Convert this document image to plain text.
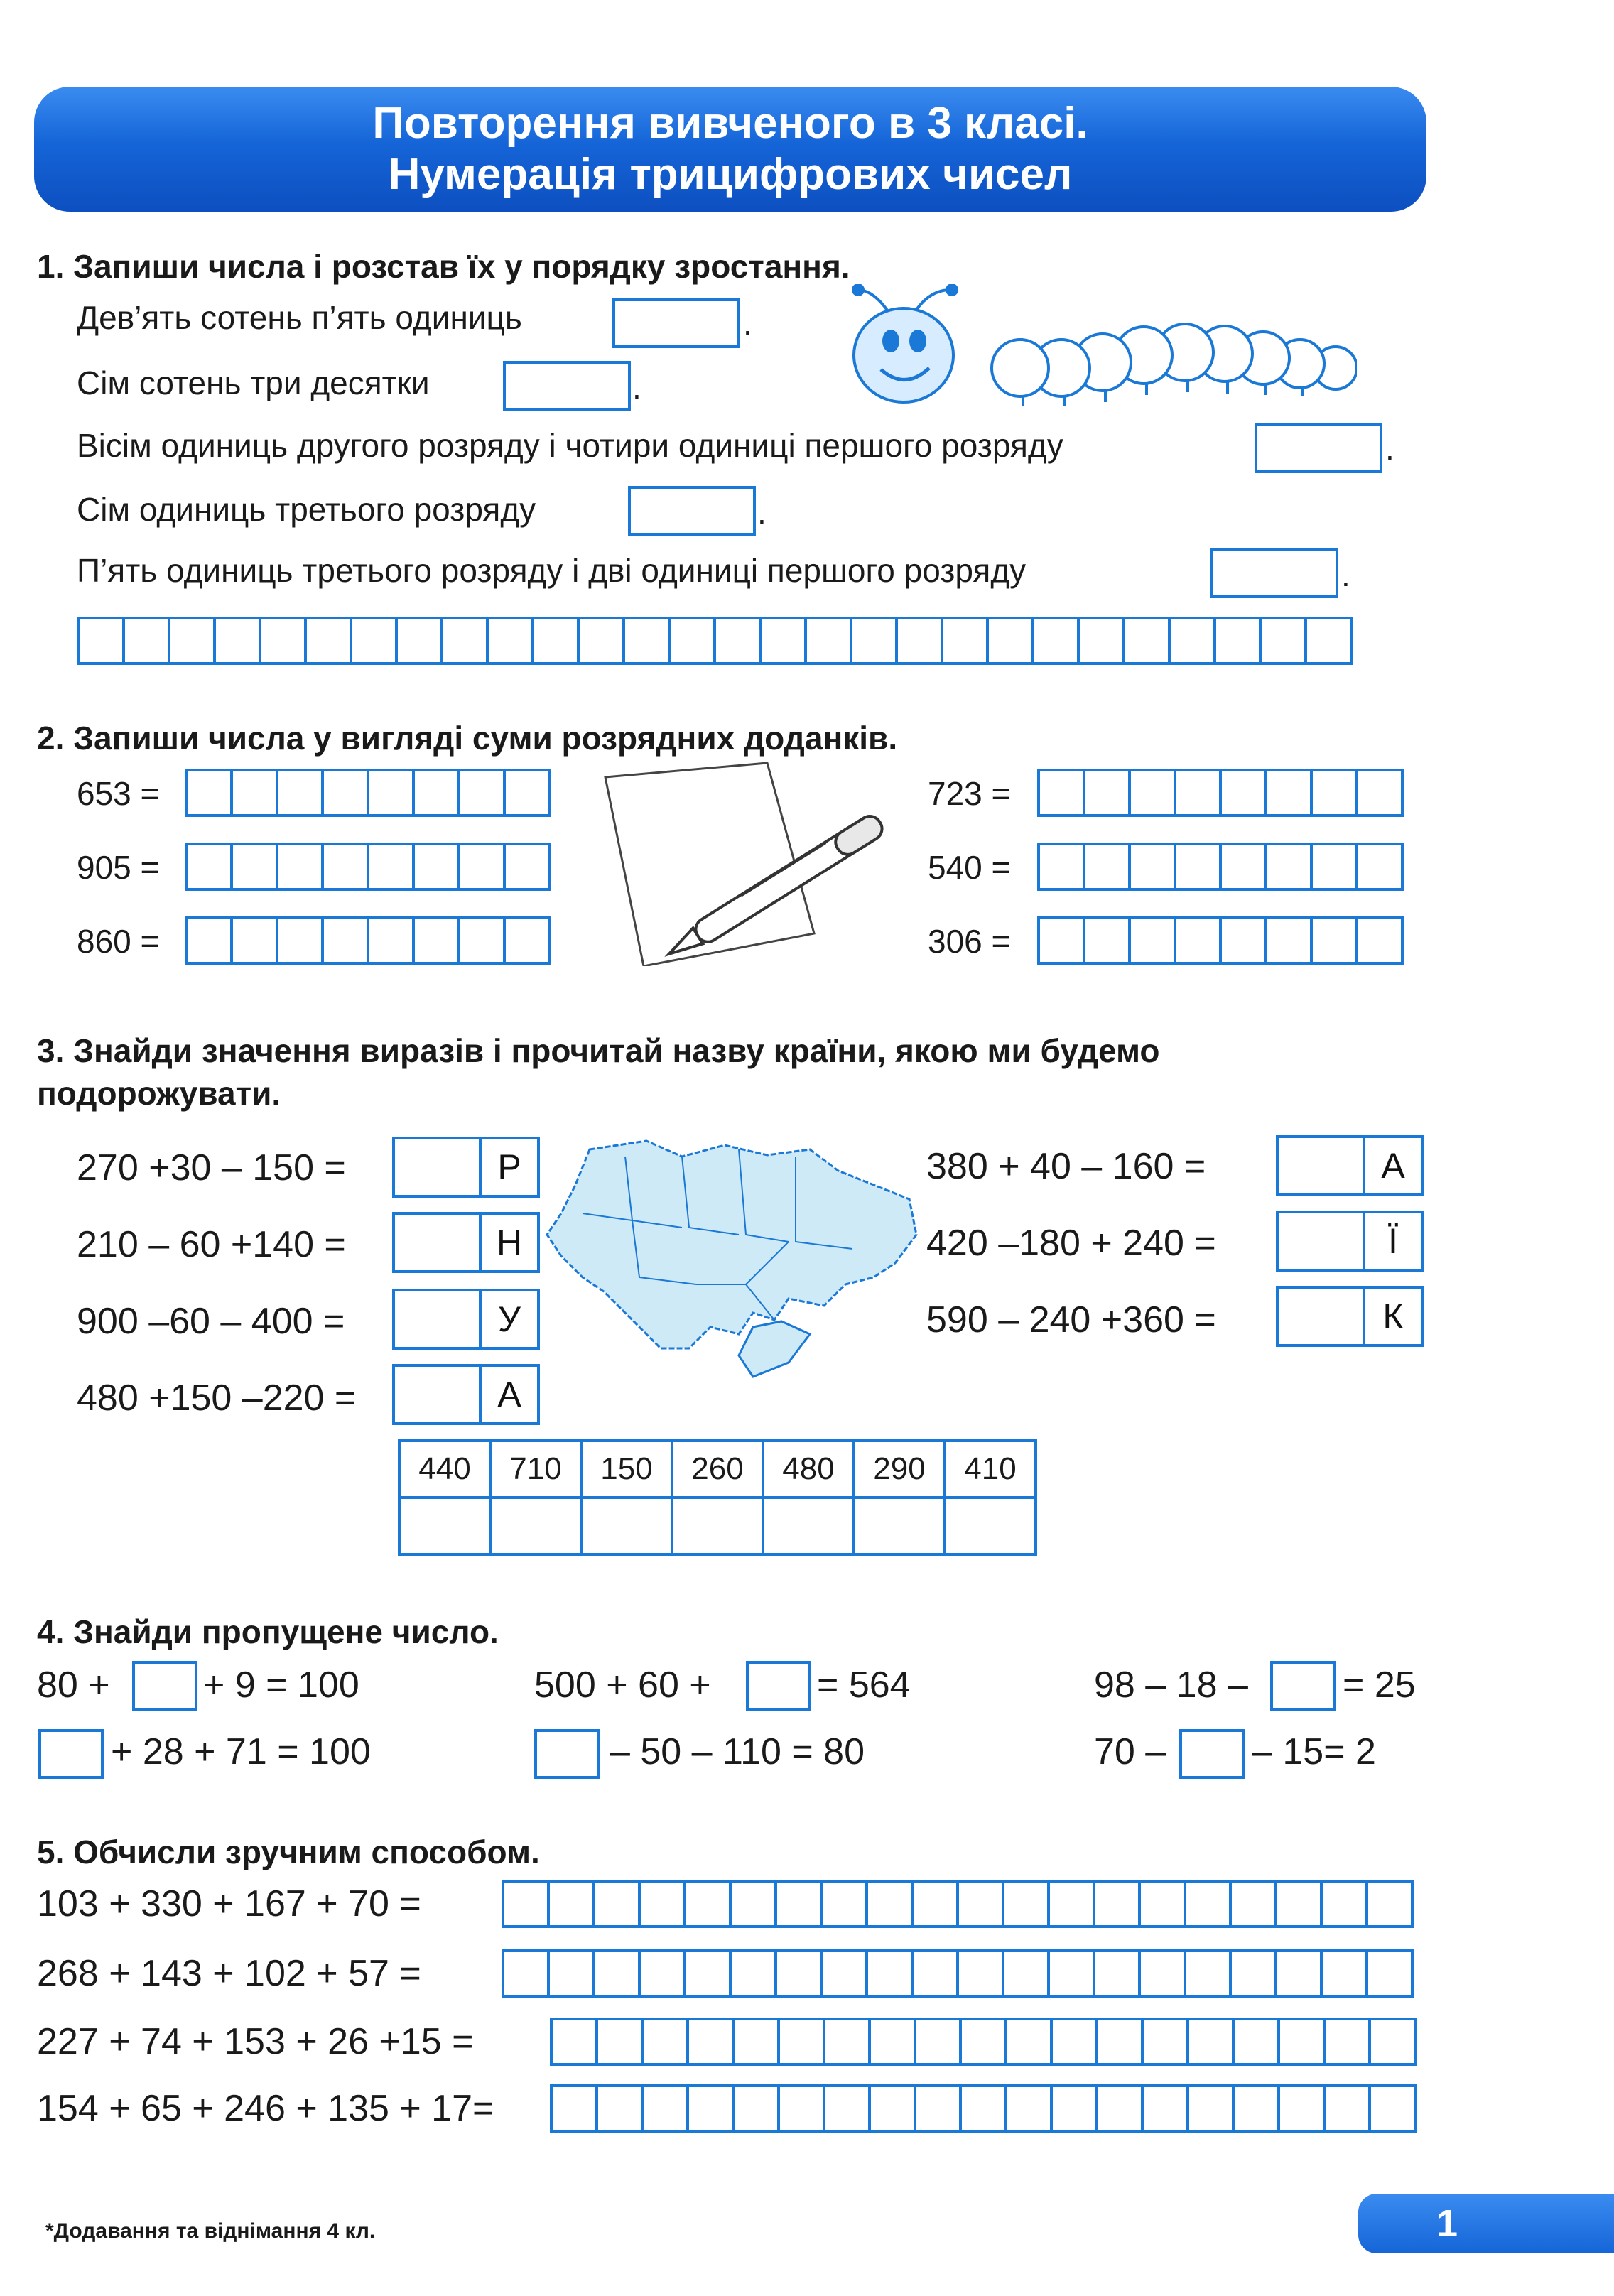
Повторення вивченого в 3 класі.
Нумерація трицифрових чисел
1. Запиши числа і розстав їх у порядку зростання.
Дев’ять сотень п’ять одиниць	.
Сім сотень три десятки	.
Вісім одиниць другого розряду і чотири одиниці першого розряду	.
Сім одиниць третього розряду	.
П’ять одиниць третього розряду і дві одиниці першого розряду	.
2. Запиши числа у вигляді суми розрядних доданків.
653 =
905 =
860 =
723 =
540 =
306 =
3. Знайди значення виразів і прочитай назву країни, якою ми будемо
подорожувати.
270 +30 – 150 =	Р
210 – 60 +140 =	Н
900 –60 – 400 =	У
480 +150 –220 =	А
380 + 40 – 160 =	А
420 –180 + 240 =	Ї
590 – 240 +360 =	К
440	710	150	260	480	290	410

4. Знайди пропущене число.
80 +	+ 9 = 100	500 + 60 +	= 564	98 – 18 –	= 25
+ 28 + 71 = 100	– 50 – 110 = 80	70 – – 15= 2
5. Обчисли зручним способом.
103 + 330 + 167 + 70 =
268 + 143 + 102 + 57 =
227 + 74 + 153 + 26 +15 =
154 + 65 + 246 + 135 + 17=
*Додавання та віднімання 4 кл.	1
